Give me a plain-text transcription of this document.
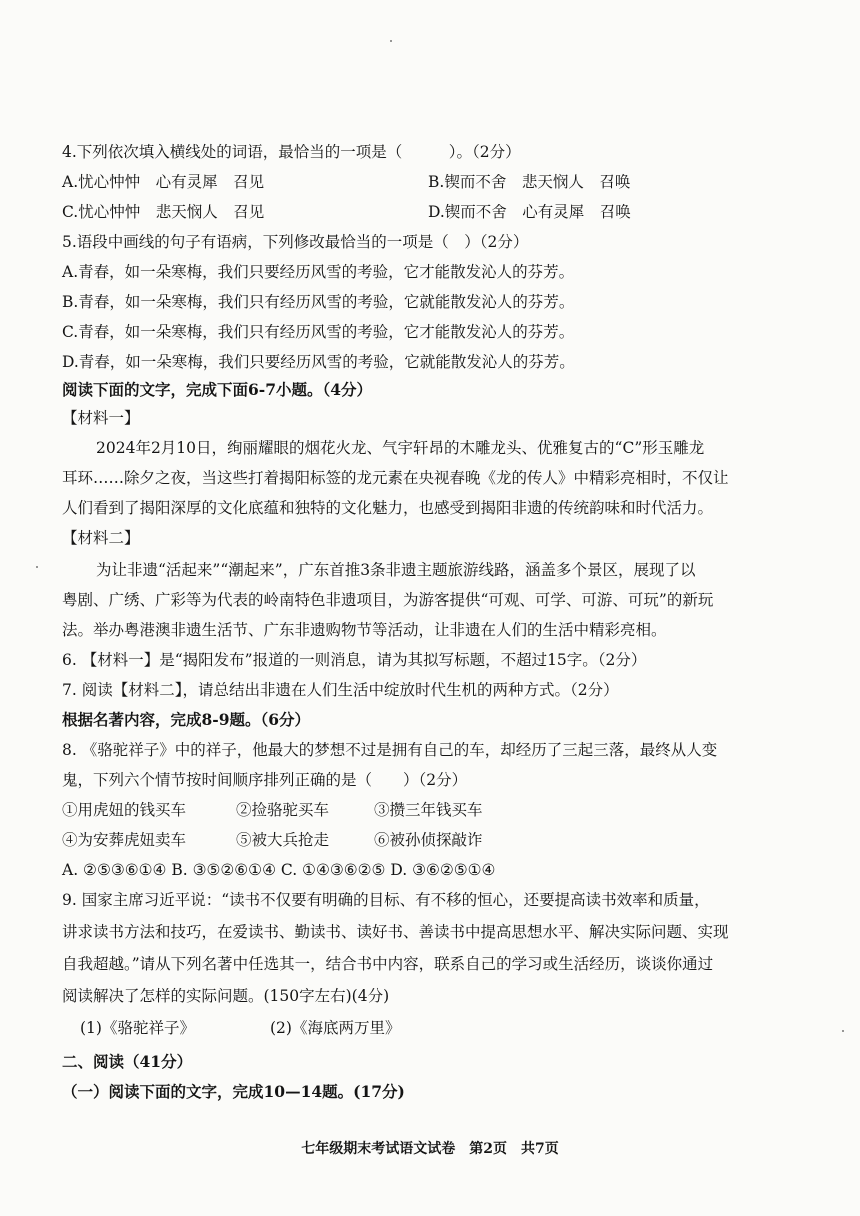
4.下列依次填入横线处的词语，最恰当的一项是（　　　）。（2分）
A.忧心忡忡　心有灵犀　召见	B.锲而不舍　悲天悯人　召唤
C.忧心忡忡　悲天悯人　召见	D.锲而不舍　心有灵犀　召唤
5.语段中画线的句子有语病，下列修改最恰当的一项是（　）（2分）
A.青春，如一朵寒梅，我们只要经历风雪的考验，它才能散发沁人的芬芳。
B.青春，如一朵寒梅，我们只有经历风雪的考验，它就能散发沁人的芬芳。
C.青春，如一朵寒梅，我们只有经历风雪的考验，它才能散发沁人的芬芳。
D.青春，如一朵寒梅，我们只要经历风雪的考验，它就能散发沁人的芬芳。
阅读下面的文字，完成下面6-7小题。（4分）
【材料一】
2024年2月10日，绚丽耀眼的烟花火龙、气宇轩昂的木雕龙头、优雅复古的“C”形玉雕龙
耳环……除夕之夜，当这些打着揭阳标签的龙元素在央视春晚《龙的传人》中精彩亮相时，不仅让
人们看到了揭阳深厚的文化底蕴和独特的文化魅力，也感受到揭阳非遗的传统韵味和时代活力。
【材料二】
为让非遗“活起来”“潮起来”，广东首推3条非遗主题旅游线路，涵盖多个景区，展现了以
粤剧、广绣、广彩等为代表的岭南特色非遗项目，为游客提供“可观、可学、可游、可玩”的新玩
法。举办粤港澳非遗生活节、广东非遗购物节等活动，让非遗在人们的生活中精彩亮相。
6. 【材料一】是“揭阳发布”报道的一则消息，请为其拟写标题，不超过15字。（2分）
7. 阅读【材料二】，请总结出非遗在人们生活中绽放时代生机的两种方式。（2分）
根据名著内容，完成8-9题。（6分）
8. 《骆驼祥子》中的祥子，他最大的梦想不过是拥有自己的车，却经历了三起三落，最终从人变
鬼，下列六个情节按时间顺序排列正确的是（　　）（2分）
①用虎妞的钱买车	②捡骆驼买车	③攒三年钱买车
④为安葬虎妞卖车	⑤被大兵抢走	⑥被孙侦探敲诈
A. ②⑤③⑥①④ B. ③⑤②⑥①④ C. ①④③⑥②⑤ D. ③⑥②⑤①④
9. 国家主席习近平说：“读书不仅要有明确的目标、有不移的恒心，还要提高读书效率和质量，
讲求读书方法和技巧，在爱读书、勤读书、读好书、善读书中提高思想水平、解决实际问题、实现
自我超越。”请从下列名著中任选其一，结合书中内容，联系自己的学习或生活经历，谈谈你通过
阅读解决了怎样的实际问题。(150字左右)(4分)
(1)《骆驼祥子》	(2)《海底两万里》
二、阅读（41分）
（一）阅读下面的文字，完成10—14题。(17分)
七年级期末考试语文试卷　第2页　共7页
